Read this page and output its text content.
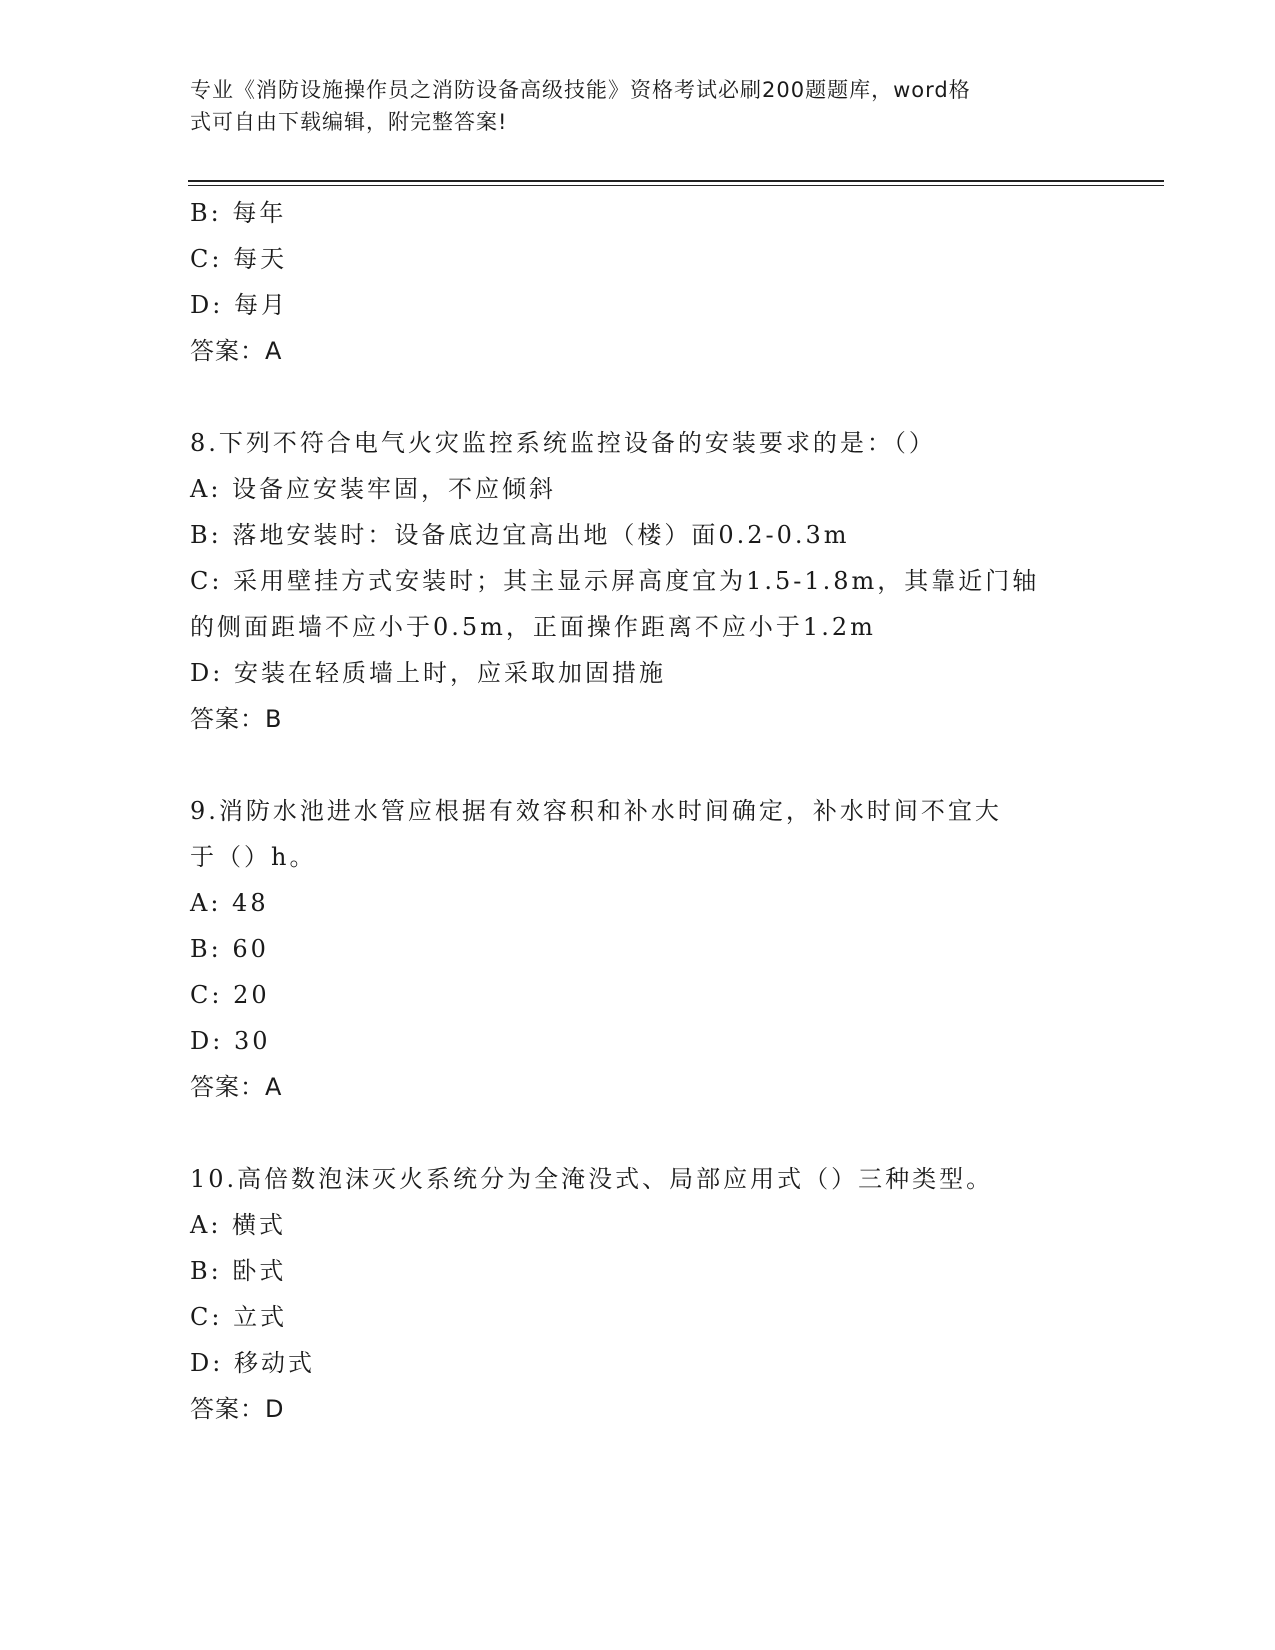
专业《消防设施操作员之消防设备高级技能》资格考试必刷200题题库，word格
式可自由下载编辑，附完整答案!
B: 每年
C: 每天
D: 每月
答案：A
8.下列不符合电气火灾监控系统监控设备的安装要求的是：（）
A: 设备应安装牢固，不应倾斜
B: 落地安装时：设备底边宜高出地（楼）面0.2-0.3m
C: 采用壁挂方式安装时；其主显示屏高度宜为1.5-1.8m，其靠近门轴
的侧面距墙不应小于0.5m，正面操作距离不应小于1.2m
D: 安装在轻质墙上时，应采取加固措施
答案：B
9.消防水池进水管应根据有效容积和补水时间确定，补水时间不宜大
于（）h。
A: 48
B: 60
C: 20
D: 30
答案：A
10.高倍数泡沫灭火系统分为全淹没式、局部应用式（）三种类型。
A: 横式
B: 卧式
C: 立式
D: 移动式
答案：D
